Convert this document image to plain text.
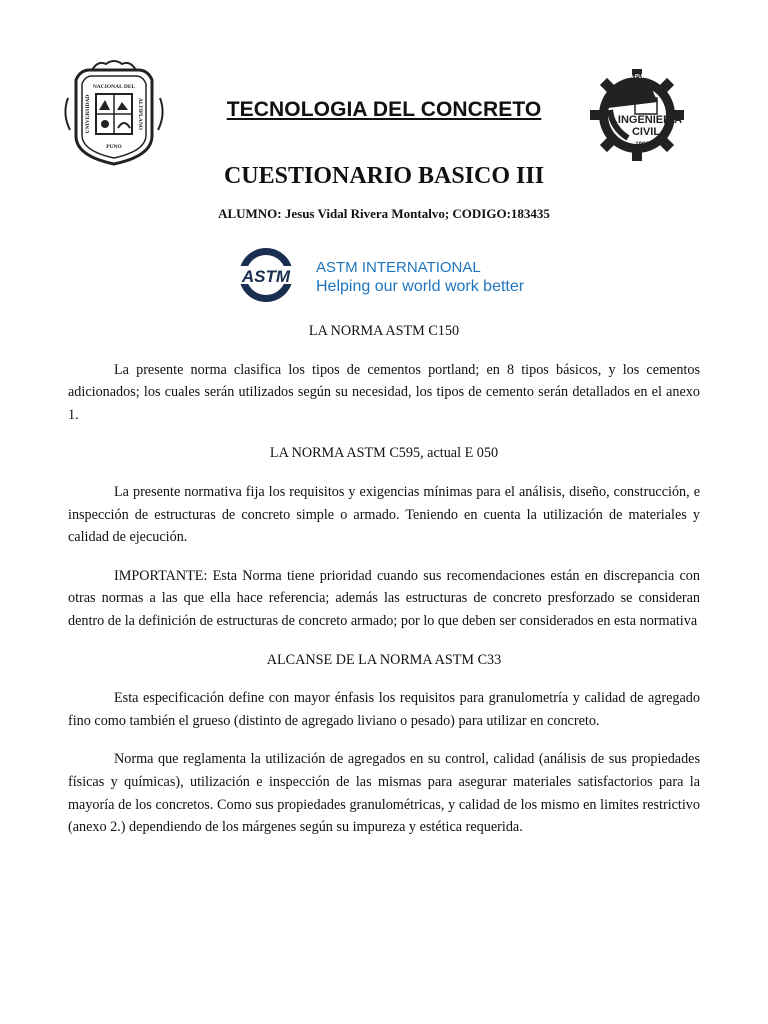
NACIONAL DEL
UNIVERSIDAD	ALTIPLANO
PUNO
TECNOLOGIA DEL CONCRETO
UNA-PUNO
INGENIERÍA
CIVIL
1991
CUESTIONARIO BASICO III
ALUMNO: Jesus Vidal Rivera Montalvo; CODIGO:183435
ASTM ASTM INTERNATIONAL
Helping our world work better
LA NORMA ASTM C150

La presente norma clasifica los tipos de cementos portland; en 8 tipos básicos, y los cementos adicionados; los cuales serán utilizados según su necesidad, los tipos de cemento serán detallados en el anexo 1.

LA NORMA ASTM C595, actual E 050

La presente normativa fija los requisitos y exigencias mínimas para el análisis, diseño, construcción, e inspección de estructuras de concreto simple o armado. Teniendo en cuenta la utilización de materiales y calidad de ejecución.

IMPORTANTE: Esta Norma tiene prioridad cuando sus recomendaciones están en discrepancia con otras normas a las que ella hace referencia; además las estructuras de concreto presforzado se consideran dentro de la definición de estructuras de concreto armado; por lo que deben ser considerados en esta normativa

ALCANSE DE LA NORMA ASTM C33

Esta especificación define con mayor énfasis los requisitos para granulometría y calidad de agregado fino como también el grueso (distinto de agregado liviano o pesado) para utilizar en concreto.

Norma que reglamenta la utilización de agregados en su control, calidad (análisis de sus propiedades físicas y químicas), utilización e inspección de las mismas para asegurar materiales satisfactorios para la mayoría de los concretos. Como sus propiedades granulométricas, y calidad de los mismo en limites restrictivo (anexo 2.) dependiendo de los márgenes según su impureza y estética requerida.
